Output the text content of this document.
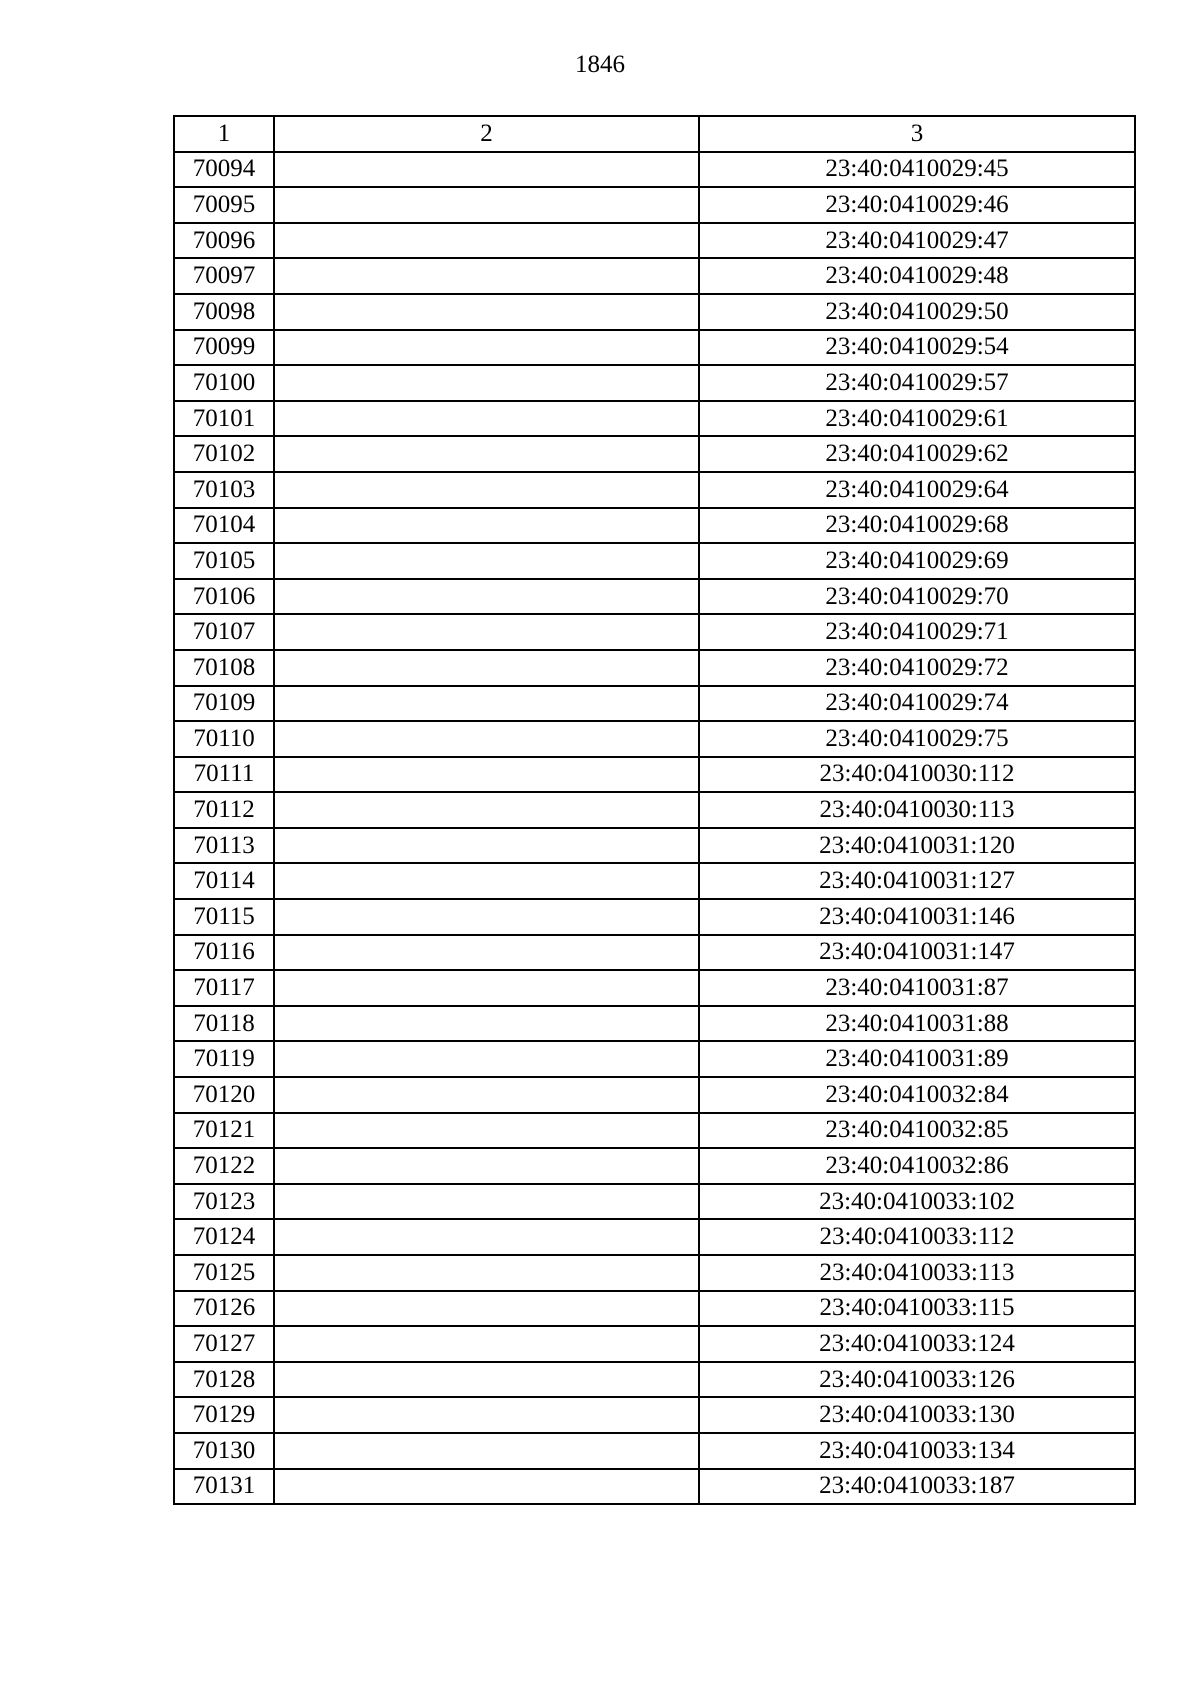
1846
1	2	3
70094		23:40:0410029:45
70095		23:40:0410029:46
70096		23:40:0410029:47
70097		23:40:0410029:48
70098		23:40:0410029:50
70099		23:40:0410029:54
70100		23:40:0410029:57
70101		23:40:0410029:61
70102		23:40:0410029:62
70103		23:40:0410029:64
70104		23:40:0410029:68
70105		23:40:0410029:69
70106		23:40:0410029:70
70107		23:40:0410029:71
70108		23:40:0410029:72
70109		23:40:0410029:74
70110		23:40:0410029:75
70111		23:40:0410030:112
70112		23:40:0410030:113
70113		23:40:0410031:120
70114		23:40:0410031:127
70115		23:40:0410031:146
70116		23:40:0410031:147
70117		23:40:0410031:87
70118		23:40:0410031:88
70119		23:40:0410031:89
70120		23:40:0410032:84
70121		23:40:0410032:85
70122		23:40:0410032:86
70123		23:40:0410033:102
70124		23:40:0410033:112
70125		23:40:0410033:113
70126		23:40:0410033:115
70127		23:40:0410033:124
70128		23:40:0410033:126
70129		23:40:0410033:130
70130		23:40:0410033:134
70131		23:40:0410033:187
